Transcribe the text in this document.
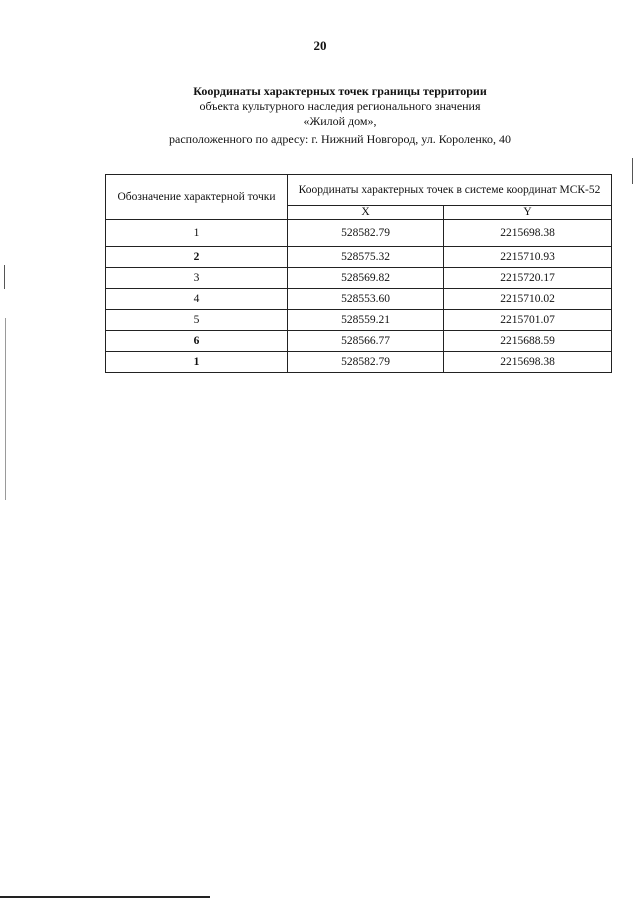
20
Координаты характерных точек границы территории
объекта культурного наследия регионального значения
«Жилой дом»,
расположенного по адресу: г. Нижний Новгород, ул. Короленко, 40
Обозначение характерной точки	Координаты характерных точек в системе координат МСК-52	
	X	Y
1	528582.79	2215698.38
2	528575.32	2215710.93
3	528569.82	2215720.17
4	528553.60	2215710.02
5	528559.21	2215701.07
6	528566.77	2215688.59
1	528582.79	2215698.38
